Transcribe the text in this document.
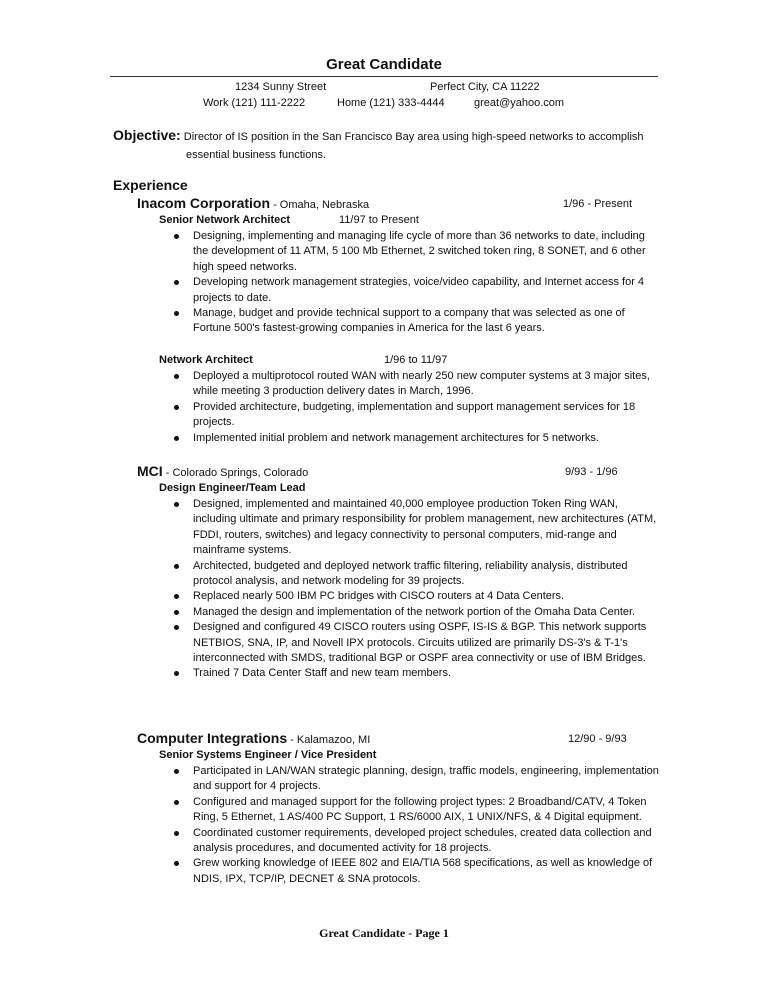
Great Candidate
1234 Sunny Street	Perfect City, CA 11222
Work (121) 111-2222	Home (121) 333-4444	great@yahoo.com
Objective: Director of IS position in the San Francisco Bay area using high-speed networks to accomplish
essential business functions.
Experience
Inacom Corporation - Omaha, Nebraska	1/96 - Present
Senior Network Architect	11/97 to Present
Designing, implementing and managing life cycle of more than 36 networks to date, including the development of 11 ATM, 5 100 Mb Ethernet, 2 switched token ring, 8 SONET, and 6 other high speed networks.
Developing network management strategies, voice/video capability, and Internet access for 4 projects to date.
Manage, budget and provide technical support to a company that was selected as one of Fortune 500's fastest-growing companies in America for the last 6 years.
Network Architect	1/96 to 11/97
Deployed a multiprotocol routed WAN with nearly 250 new computer systems at 3 major sites, while meeting 3 production delivery dates in March, 1996.
Provided architecture, budgeting, implementation and support management services for 18 projects.
Implemented initial problem and network management architectures for 5 networks.
MCI - Colorado Springs, Colorado	9/93 - 1/96
Design Engineer/Team Lead
Designed, implemented and maintained 40,000 employee production Token Ring WAN, including ultimate and primary responsibility for problem management, new architectures (ATM, FDDI, routers, switches) and legacy connectivity to personal computers, mid-range and mainframe systems.
Architected, budgeted and deployed network traffic filtering, reliability analysis, distributed protocol analysis, and network modeling for 39 projects.
Replaced nearly 500 IBM PC bridges with CISCO routers at 4 Data Centers.
Managed the design and implementation of the network portion of the Omaha Data Center.
Designed and configured 49 CISCO routers using OSPF, IS-IS & BGP. This network supports NETBIOS, SNA, IP, and Novell IPX protocols. Circuits utilized are primarily DS-3's & T-1's interconnected with SMDS, traditional BGP or OSPF area connectivity or use of IBM Bridges.
Trained 7 Data Center Staff and new team members.
Computer Integrations - Kalamazoo, MI	12/90 - 9/93
Senior Systems Engineer / Vice President
Participated in LAN/WAN strategic planning, design, traffic models, engineering, implementation and support for 4 projects.
Configured and managed support for the following project types: 2 Broadband/CATV, 4 Token Ring, 5 Ethernet, 1 AS/400 PC Support, 1 RS/6000 AIX, 1 UNIX/NFS, & 4 Digital equipment.
Coordinated customer requirements, developed project schedules, created data collection and analysis procedures, and documented activity for 18 projects.
Grew working knowledge of IEEE 802 and EIA/TIA 568 specifications, as well as knowledge of NDIS, IPX, TCP/IP, DECNET & SNA protocols.
Great Candidate - Page 1
